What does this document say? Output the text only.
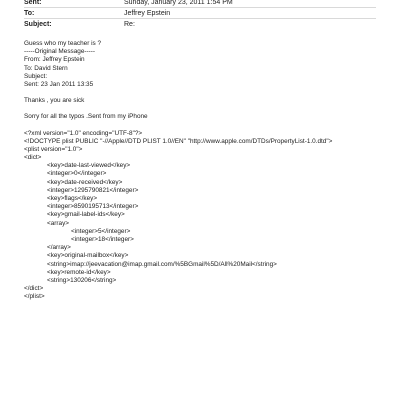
Sent:	Sunday, January 23, 2011 1:54 PM
To:	Jeffrey Epstein
Subject:	Re:
Guess who my teacher is ?
-----Original Message-----
From: Jeffrey Epstein
To: David Stern
Subject:
Sent: 23 Jan 2011 13:35
Thanks , you are sick
Sorry for all the typos .Sent from my iPhone
<?xml version="1.0" encoding="UTF-8"?>
<!DOCTYPE plist PUBLIC "-//Apple//DTD PLIST 1.0//EN" "http://www.apple.com/DTDs/PropertyList-1.0.dtd">
<plist version="1.0">
<dict>
<key>date-last-viewed</key>
<integer>0</integer>
<key>date-received</key>
<integer>1295790821</integer>
<key>flags</key>
<integer>8590195713</integer>
<key>gmail-label-ids</key>
<array>
<integer>5</integer>
<integer>18</integer>
</array>
<key>original-mailbox</key>
<string>imap://jeevacation@imap.gmail.com/%5BGmail%5D/All%20Mail</string>
<key>remote-id</key>
<string>130206</string>
</dict>
</plist>
